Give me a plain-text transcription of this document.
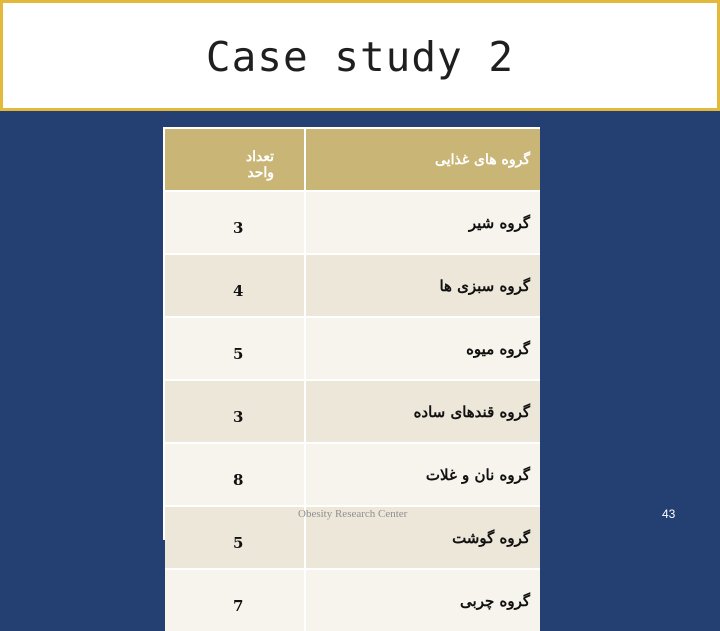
Case study 2
تعداد واحد	گروه های غذایی
3	گروه شیر
4	گروه سبزی ها
5	گروه میوه
3	گروه قندهای ساده
8	گروه نان و غلات
5	گروه گوشت
7	گروه چربی
Obesity Research Center	43
